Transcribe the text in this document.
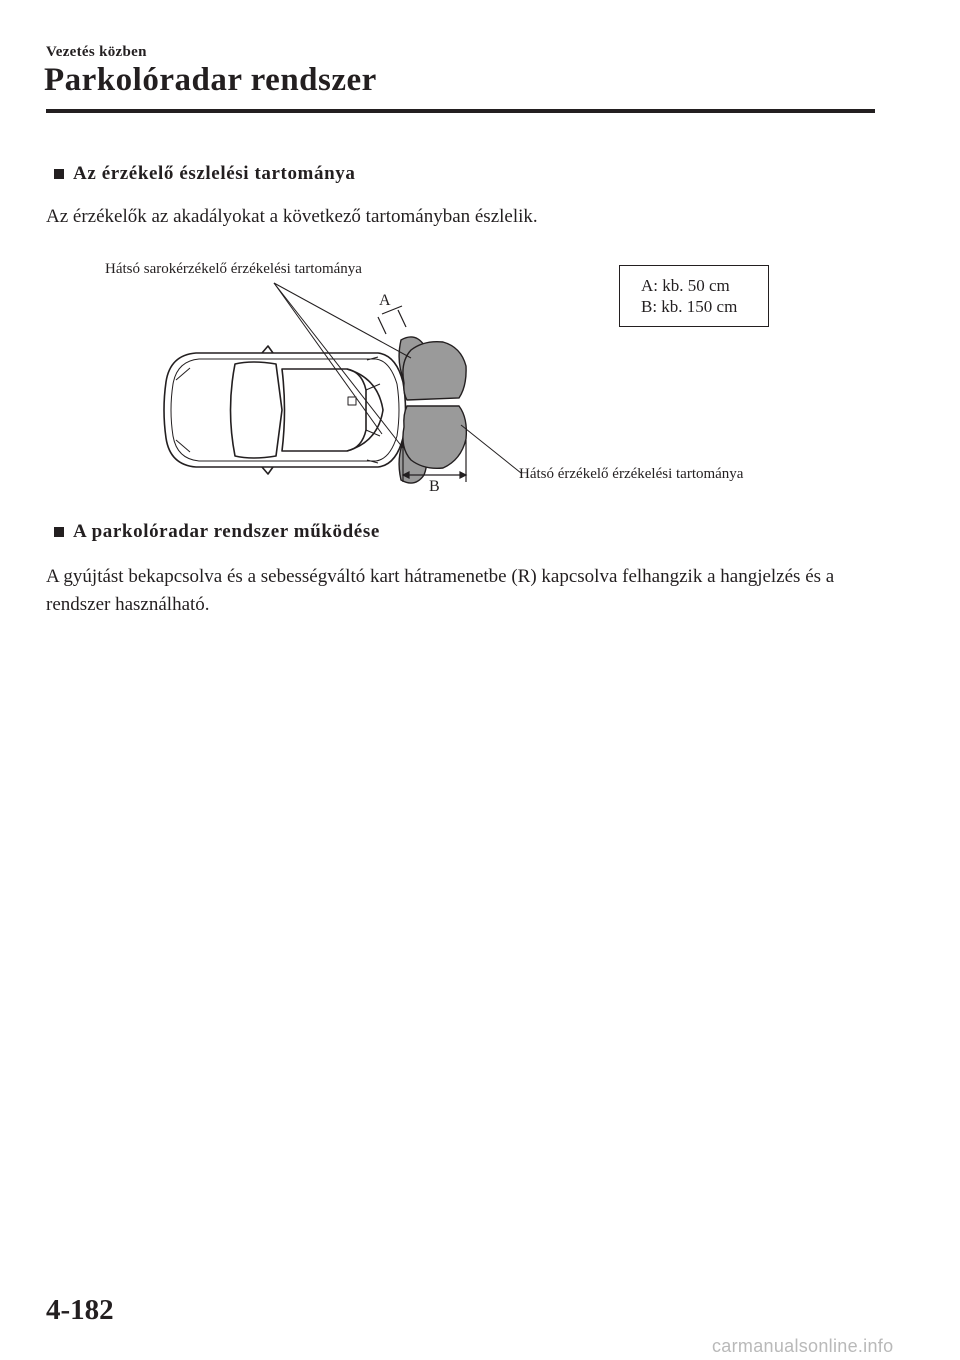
Vezetés közben
Parkolóradar rendszer
Az érzékelő észlelési tartománya
Az érzékelők az akadályokat a következő tartományban észlelik.
Hátsó sarokérzékelő érzékelési tartománya
Hátsó érzékelő érzékelési tartománya
A
B
A: kb. 50 cm
B: kb. 150 cm
A parkolóradar rendszer működése
A gyújtást bekapcsolva és a sebességváltó kart hátramenetbe (R) kapcsolva felhangzik a hangjelzés és a rendszer használható.
4-182
carmanualsonline.info
